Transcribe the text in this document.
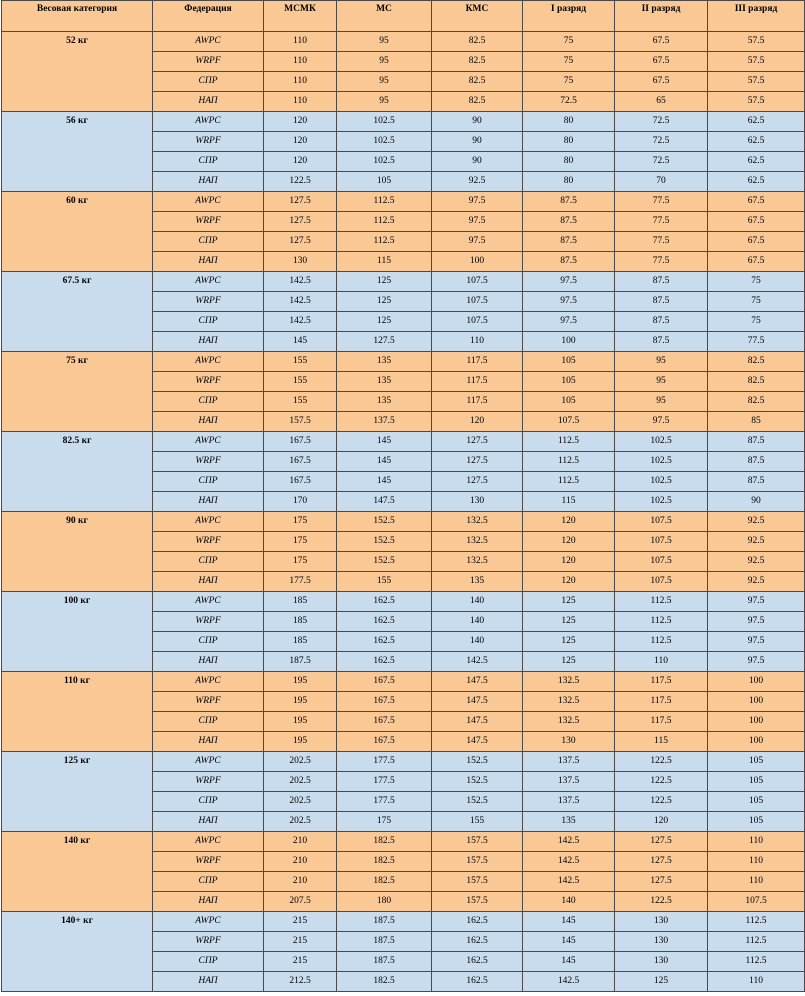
Весовая категория	Федерация	МСМК	МС	КМС	I разряд	II разряд	III разряд
52 кг	AWPC	110	95	82.5	75	67.5	57.5
	WRPF	110	95	82.5	75	67.5	57.5
	СПР	110	95	82.5	75	67.5	57.5
	НАП	110	95	82.5	72.5	65	57.5
56 кг	AWPC	120	102.5	90	80	72.5	62.5
	WRPF	120	102.5	90	80	72.5	62.5
	СПР	120	102.5	90	80	72.5	62.5
	НАП	122.5	105	92.5	80	70	62.5
60 кг	AWPC	127.5	112.5	97.5	87.5	77.5	67.5
	WRPF	127.5	112.5	97.5	87.5	77.5	67.5
	СПР	127.5	112.5	97.5	87.5	77.5	67.5
	НАП	130	115	100	87.5	77.5	67.5
67.5 кг	AWPC	142.5	125	107.5	97.5	87.5	75
	WRPF	142.5	125	107.5	97.5	87.5	75
	СПР	142.5	125	107.5	97.5	87.5	75
	НАП	145	127.5	110	100	87.5	77.5
75 кг	AWPC	155	135	117.5	105	95	82.5
	WRPF	155	135	117.5	105	95	82.5
	СПР	155	135	117.5	105	95	82.5
	НАП	157.5	137.5	120	107.5	97.5	85
82.5 кг	AWPC	167.5	145	127.5	112.5	102.5	87.5
	WRPF	167.5	145	127.5	112.5	102.5	87.5
	СПР	167.5	145	127.5	112.5	102.5	87.5
	НАП	170	147.5	130	115	102.5	90
90 кг	AWPC	175	152.5	132.5	120	107.5	92.5
	WRPF	175	152.5	132.5	120	107.5	92.5
	СПР	175	152.5	132.5	120	107.5	92.5
	НАП	177.5	155	135	120	107.5	92.5
100 кг	AWPC	185	162.5	140	125	112.5	97.5
	WRPF	185	162.5	140	125	112.5	97.5
	СПР	185	162.5	140	125	112.5	97.5
	НАП	187.5	162.5	142.5	125	110	97.5
110 кг	AWPC	195	167.5	147.5	132.5	117.5	100
	WRPF	195	167.5	147.5	132.5	117.5	100
	СПР	195	167.5	147.5	132.5	117.5	100
	НАП	195	167.5	147.5	130	115	100
125 кг	AWPC	202.5	177.5	152.5	137.5	122.5	105
	WRPF	202.5	177.5	152.5	137.5	122.5	105
	СПР	202.5	177.5	152.5	137.5	122.5	105
	НАП	202.5	175	155	135	120	105
140 кг	AWPC	210	182.5	157.5	142.5	127.5	110
	WRPF	210	182.5	157.5	142.5	127.5	110
	СПР	210	182.5	157.5	142.5	127.5	110
	НАП	207.5	180	157.5	140	122.5	107.5
140+ кг	AWPC	215	187.5	162.5	145	130	112.5
	WRPF	215	187.5	162.5	145	130	112.5
	СПР	215	187.5	162.5	145	130	112.5
	НАП	212.5	182.5	162.5	142.5	125	110
